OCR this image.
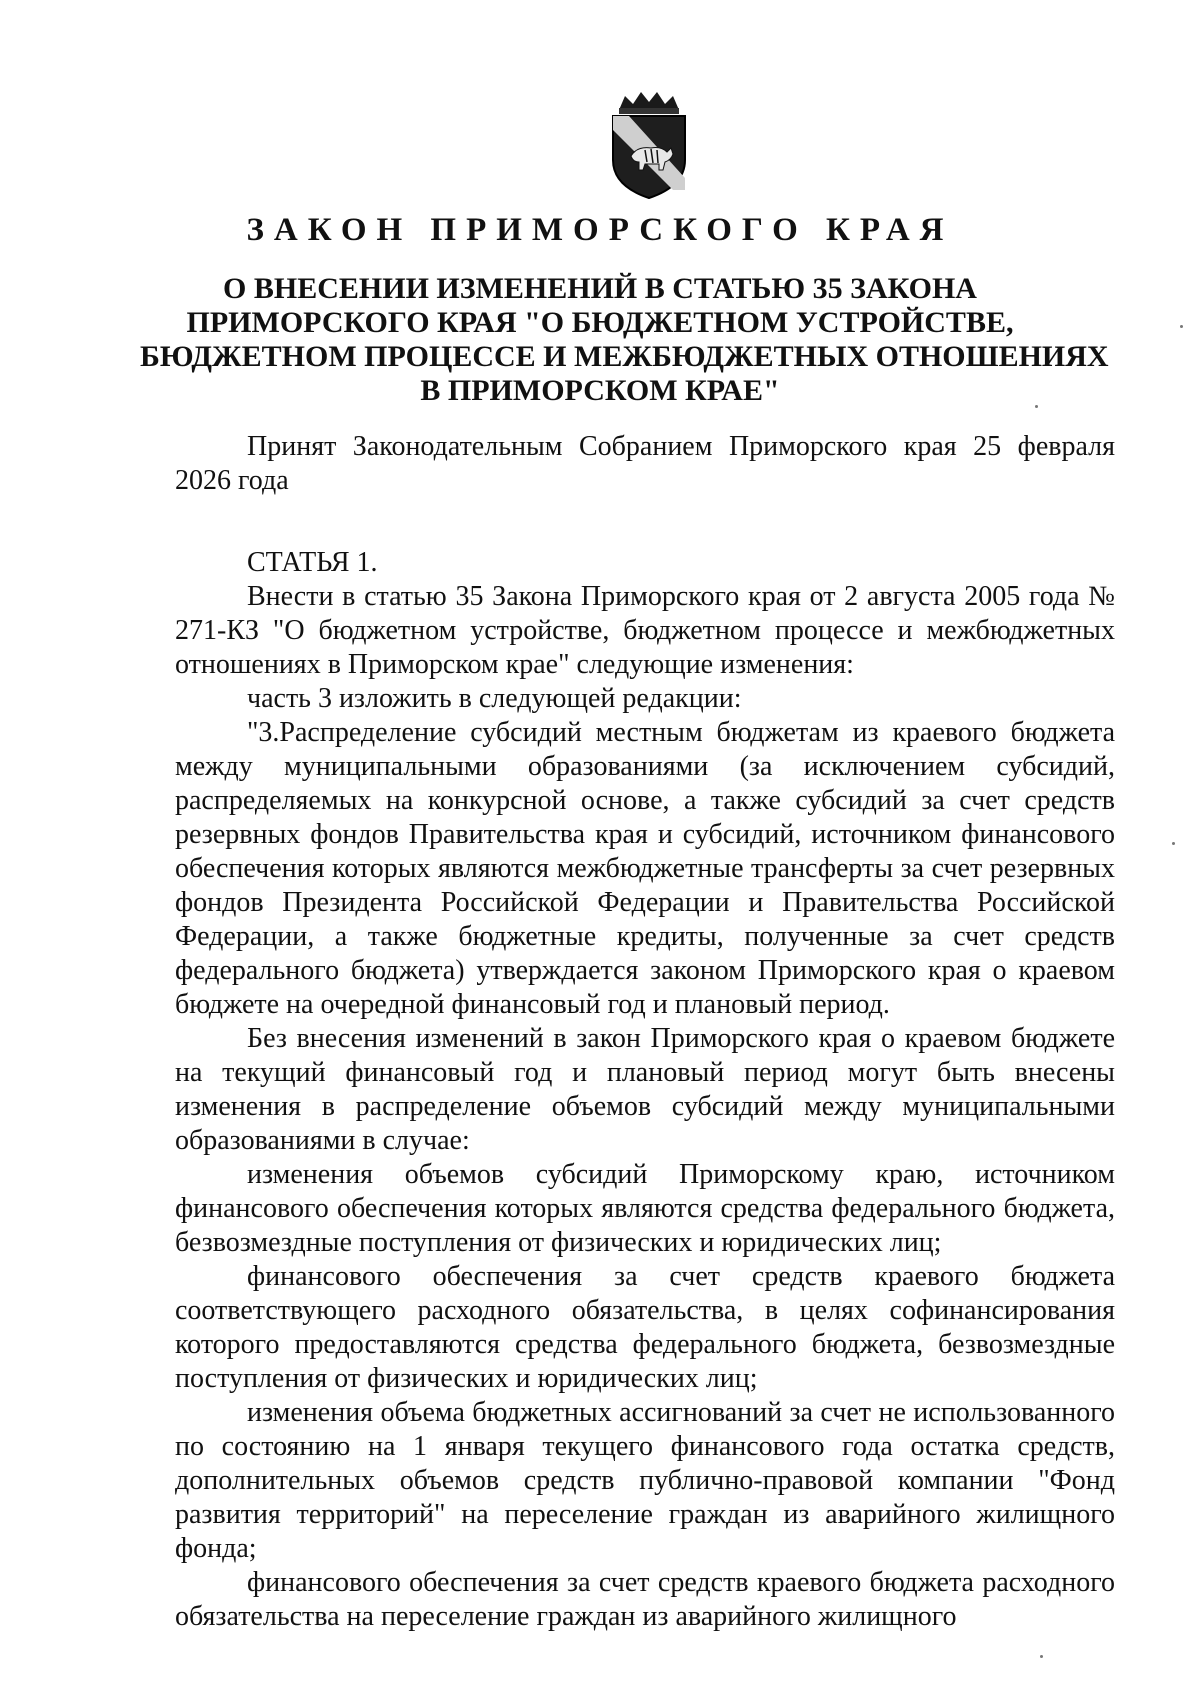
ЗАКОН ПРИМОРСКОГО КРАЯ
О ВНЕСЕНИИ ИЗМЕНЕНИЙ В СТАТЬЮ 35 ЗАКОНА
ПРИМОРСКОГО КРАЯ "О БЮДЖЕТНОМ УСТРОЙСТВЕ,
БЮДЖЕТНОМ ПРОЦЕССЕ И МЕЖБЮДЖЕТНЫХ ОТНОШЕНИЯХ
В ПРИМОРСКОМ КРАЕ"

Принят Законодательным Собранием Приморского края 25 февраля 2026 года

СТАТЬЯ 1.

Внести в статью 35 Закона Приморского края от 2 августа 2005 года № 271-КЗ "О бюджетном устройстве, бюджетном процессе и межбюджетных отношениях в Приморском крае" следующие изменения:

часть 3 изложить в следующей редакции:

"3.Распределение субсидий местным бюджетам из краевого бюджета между муниципальными образованиями (за исключением субсидий, распределяемых на конкурсной основе, а также субсидий за счет средств резервных фондов Правительства края и субсидий, источником финансового обеспечения которых являются межбюджетные трансферты за счет резервных фондов Президента Российской Федерации и Правительства Российской Федерации, а также бюджетные кредиты, полученные за счет средств федерального бюджета) утверждается законом Приморского края о краевом бюджете на очередной финансовый год и плановый период.

Без внесения изменений в закон Приморского края о краевом бюджете на текущий финансовый год и плановый период могут быть внесены изменения в распределение объемов субсидий между муниципальными образованиями в случае:

изменения объемов субсидий Приморскому краю, источником финансового обеспечения которых являются средства федерального бюджета, безвозмездные поступления от физических и юридических лиц;

финансового обеспечения за счет средств краевого бюджета соответствующего расходного обязательства, в целях софинансирования которого предоставляются средства федерального бюджета, безвозмездные поступления от физических и юридических лиц;

изменения объема бюджетных ассигнований за счет не использованного по состоянию на 1 января текущего финансового года остатка средств, дополнительных объемов средств публично-правовой компании "Фонд развития территорий" на переселение граждан из аварийного жилищного фонда;

финансового обеспечения за счет средств краевого бюджета расходного обязательства на переселение граждан из аварийного жилищного
